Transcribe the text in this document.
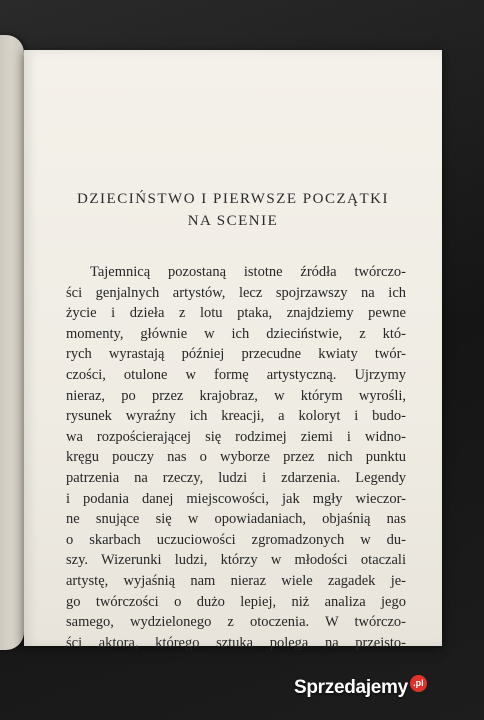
DZIECIŃSTWO I PIERWSZE POCZĄTKI
NA SCENIE
Tajemnicą pozostaną istotne źródła twórczo-
ści genjalnych artystów, lecz spojrzawszy na ich
życie i dzieła z lotu ptaka, znajdziemy pewne
momenty, głównie w ich dzieciństwie, z któ-
rych wyrastają później przecudne kwiaty twór-
czości, otulone w formę artystyczną. Ujrzymy
nieraz, po przez krajobraz, w którym wyrośli,
rysunek wyraźny ich kreacji, a koloryt i budo-
wa rozpościerającej się rodzimej ziemi i widno-
kręgu pouczy nas o wyborze przez nich punktu
patrzenia na rzeczy, ludzi i zdarzenia. Legendy
i podania danej miejscowości, jak mgły wieczor-
ne snujące się w opowiadaniach, objaśnią nas
o skarbach uczuciowości zgromadzonych w du-
szy. Wizerunki ludzi, którzy w młodości otaczali
artystę, wyjaśnią nam nieraz wiele zagadek je-
go twórczości o dużo lepiej, niż analiza jego
samego, wydzielonego z otoczenia. W twórczo-
ści aktora, którego sztuka polega na przeisto-
Sprzedajemy .pl
